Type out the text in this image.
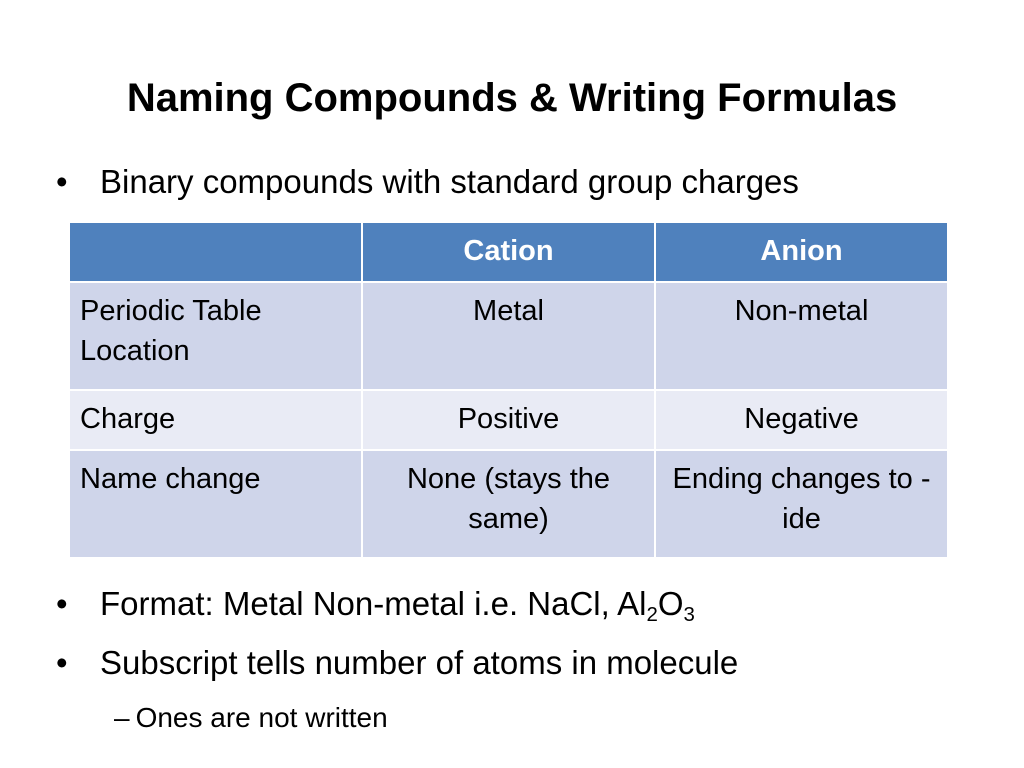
Naming Compounds & Writing Formulas
• Binary compounds with standard group charges
	Cation	Anion
Periodic Table Location	Metal	Non-metal
Charge	Positive	Negative
Name change	None (stays the same)	Ending changes to -ide
• Format: Metal Non-metal i.e. NaCl, $Al_2O_3$
• Subscript tells number of atoms in molecule
– Ones are not written
